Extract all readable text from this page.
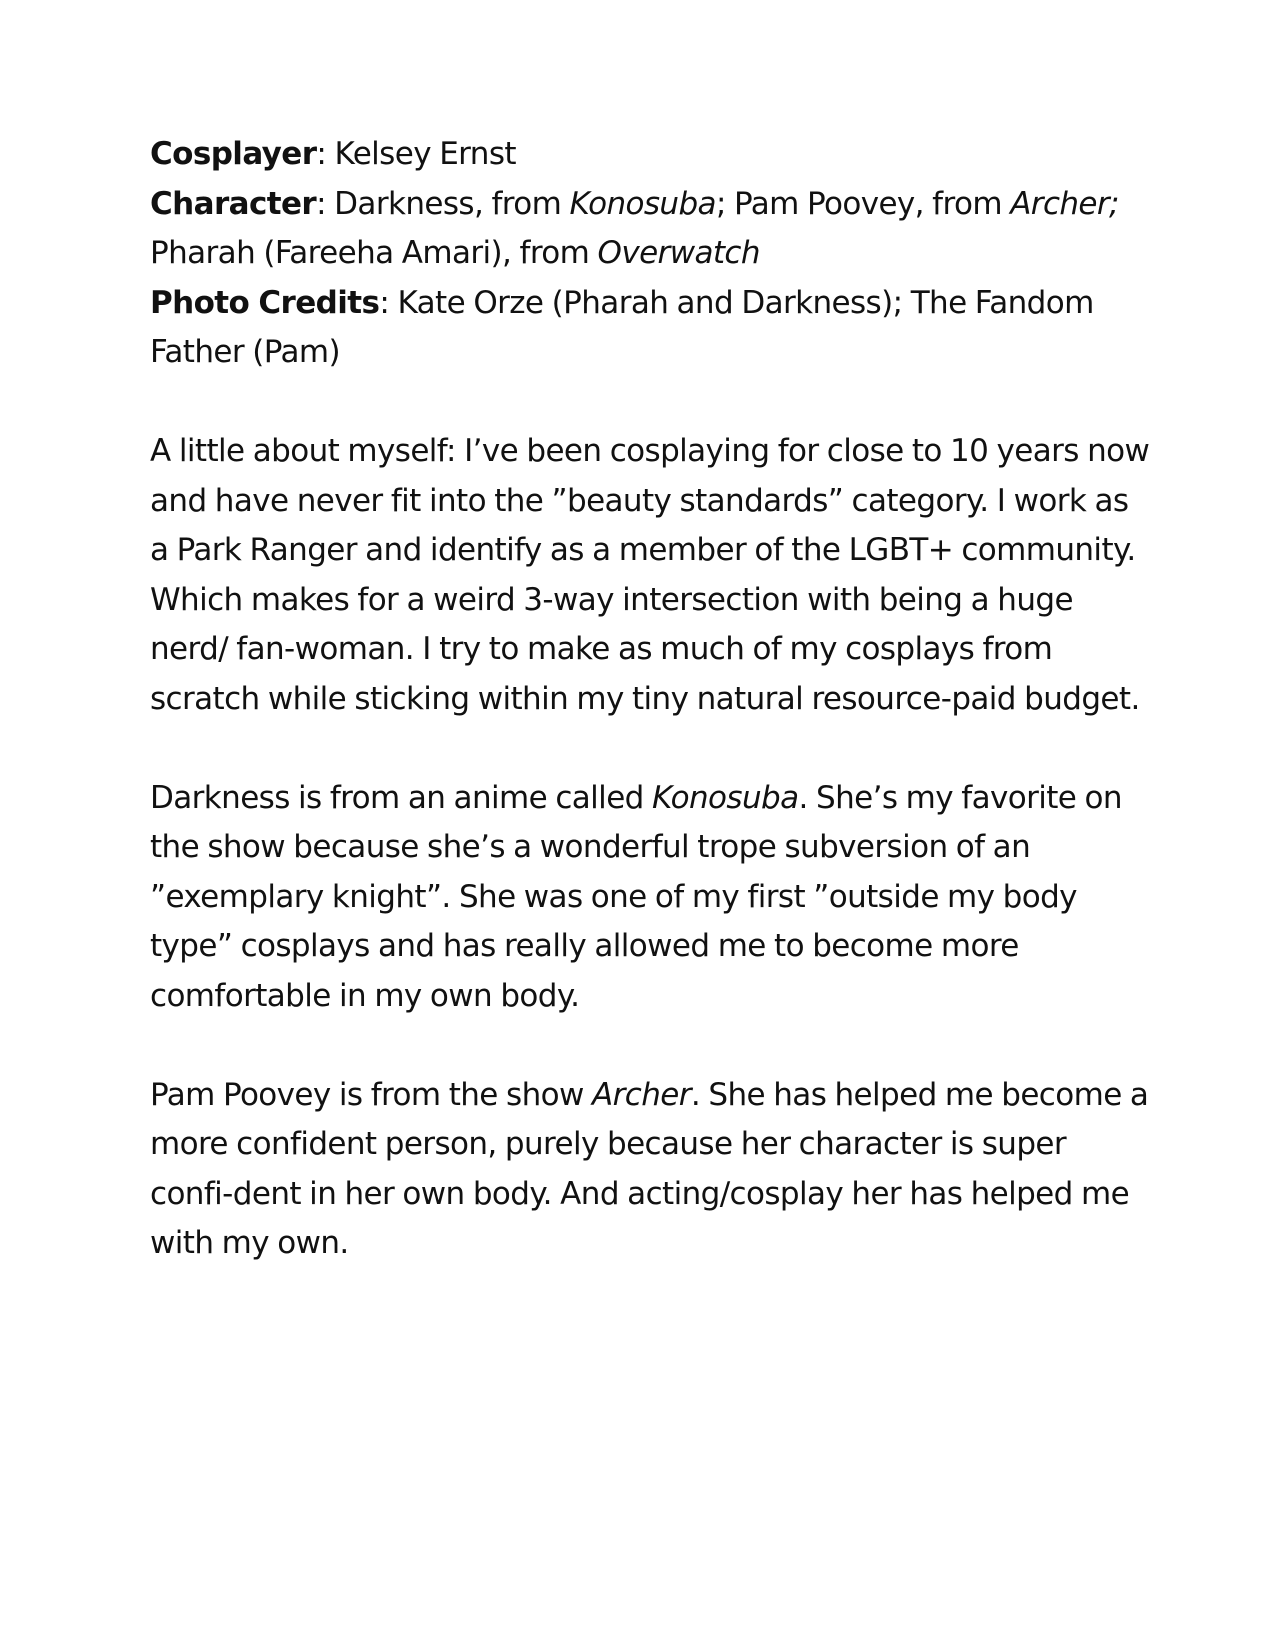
Cosplayer: Kelsey Ernst
Character: Darkness, from Konosuba; Pam Poovey, from Archer; Pharah (Fareeha Amari), from Overwatch
Photo Credits: Kate Orze (Pharah and Darkness); The Fandom Father (Pam)

A little about myself: I’ve been cosplaying for close to 10 years now and have never fit into the ”beauty standards” category. I work as a Park Ranger and identify as a member of the LGBT+ community. Which makes for a weird 3-way intersection with being a huge nerd/ fan-woman. I try to make as much of my cosplays from scratch while sticking within my tiny natural resource-paid budget.

Darkness is from an anime called Konosuba. She’s my favorite on the show because she’s a wonderful trope subversion of an ”exemplary knight”. She was one of my first ”outside my body type” cosplays and has really allowed me to become more comfortable in my own body.

Pam Poovey is from the show Archer. She has helped me become a more confident person, purely because her character is super confi-dent in her own body. And acting/cosplay her has helped me with my own.
